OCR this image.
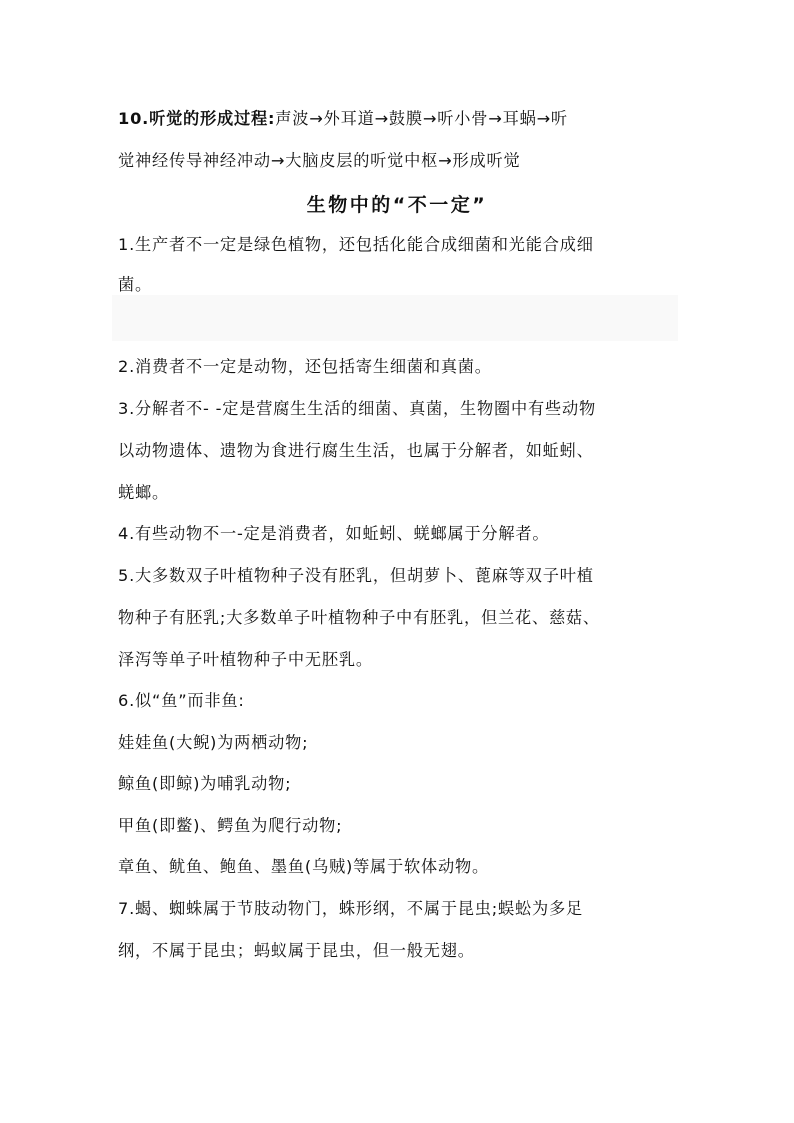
10.听觉的形成过程:声波→外耳道→鼓膜→听小骨→耳蜗→听

觉神经传导神经冲动→大脑皮层的听觉中枢→形成听觉

生物中的“不一定”

1.生产者不一定是绿色植物，还包括化能合成细菌和光能合成细

菌。

2.消费者不一定是动物，还包括寄生细菌和真菌。

3.分解者不- -定是营腐生生活的细菌、真菌，生物圈中有些动物

以动物遗体、遗物为食进行腐生生活，也属于分解者，如蚯蚓、

蜣螂。

4.有些动物不一-定是消费者，如蚯蚓、蜣螂属于分解者。

5.大多数双子叶植物种子没有胚乳，但胡萝卜、蓖麻等双子叶植

物种子有胚乳;大多数单子叶植物种子中有胚乳，但兰花、慈菇、

泽泻等单子叶植物种子中无胚乳。

6.似“鱼”而非鱼:

娃娃鱼(大鲵)为两栖动物;

鲸鱼(即鲸)为哺乳动物;

甲鱼(即鳖)、鳄鱼为爬行动物;

章鱼、鱿鱼、鲍鱼、墨鱼(乌贼)等属于软体动物。

7.蝎、蜘蛛属于节肢动物门，蛛形纲，不属于昆虫;蜈蚣为多足

纲，不属于昆虫；蚂蚁属于昆虫，但一般无翅。
